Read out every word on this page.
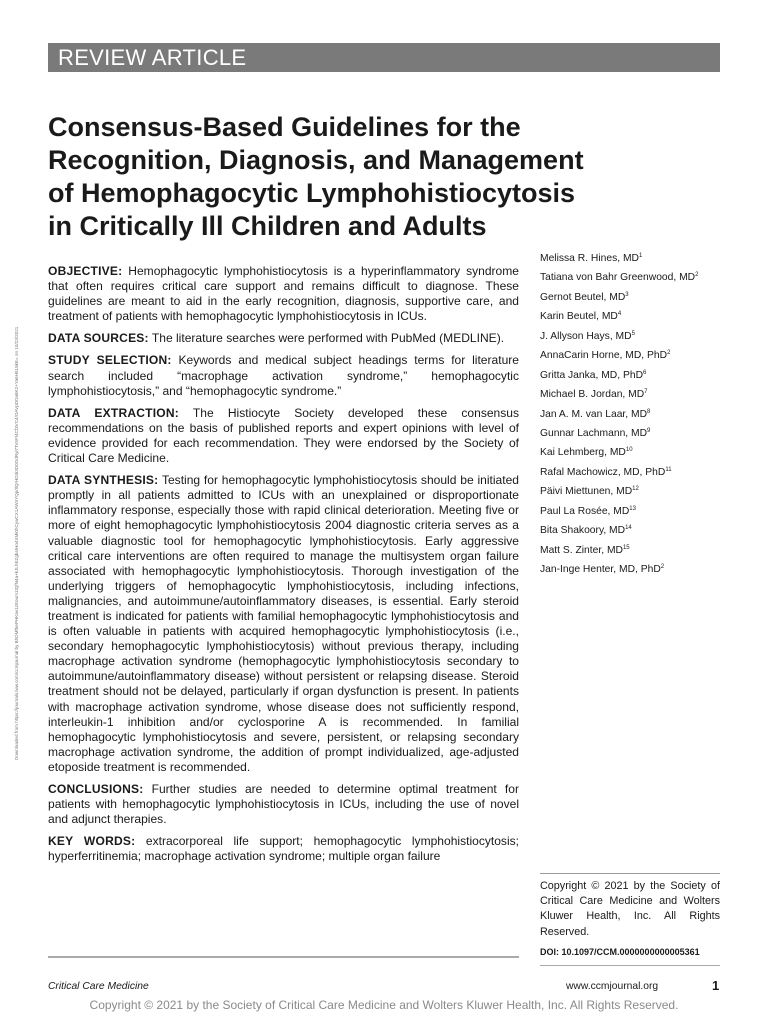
REVIEW ARTICLE
Consensus-Based Guidelines for the
Recognition, Diagnosis, and Management
of Hemophagocytic Lymphohistiocytosis
in Critically Ill Children and Adults
Downloaded from https://journals.lww.com/ccmjournal by BhDMf5ePHKav1zEoum1tQfN4a+kJLhEZgbsIHo4XMi0hCywCX1AWnYQp/IlQrHD3i3D0OdRyi7TvSFl4Cf3VC4/OAVpDDa8K2+Ya6H515kE= on 10/23/2021

OBJECTIVE: Hemophagocytic lymphohistiocytosis is a hyperinflammatory syndrome that often requires critical care support and remains difficult to diagnose. These guidelines are meant to aid in the early recognition, diagnosis, supportive care, and treatment of patients with hemophagocytic lymphohistiocytosis in ICUs.

DATA SOURCES: The literature searches were performed with PubMed (MEDLINE).

STUDY SELECTION: Keywords and medical subject headings terms for literature search included “macrophage activation syndrome,” hemophagocytic lymphohistiocytosis,” and “hemophagocytic syndrome.”

DATA EXTRACTION: The Histiocyte Society developed these consensus recommendations on the basis of published reports and expert opinions with level of evidence provided for each recommendation. They were endorsed by the Society of Critical Care Medicine.

DATA SYNTHESIS: Testing for hemophagocytic lymphohistiocytosis should be initiated promptly in all patients admitted to ICUs with an unexplained or disproportionate inflammatory response, especially those with rapid clinical deterioration. Meeting five or more of eight hemophagocytic lymphohistiocytosis 2004 diagnostic criteria serves as a valuable diagnostic tool for hemophagocytic lymphohistiocytosis. Early aggressive critical care interventions are often required to manage the multisystem organ failure associated with hemophagocytic lymphohistiocytosis. Thorough investigation of the underlying triggers of hemophagocytic lymphohistiocytosis, including infections, malignancies, and autoimmune/autoinflammatory diseases, is essential. Early steroid treatment is indicated for patients with familial hemophagocytic lymphohistiocytosis and is often valuable in patients with acquired hemophagocytic lymphohistiocytosis (i.e., secondary hemophagocytic lymphohistiocytosis) without previous therapy, including macrophage activation syndrome (hemophagocytic lymphohistiocytosis secondary to autoimmune/autoinflammatory disease) without persistent or relapsing disease. Steroid treatment should not be delayed, particularly if organ dysfunction is present. In patients with macrophage activation syndrome, whose disease does not sufficiently respond, interleukin-1 inhibition and/or cyclosporine A is recommended. In familial hemophagocytic lymphohistiocytosis and severe, persistent, or relapsing secondary macrophage activation syndrome, the addition of prompt individualized, age-adjusted etoposide treatment is recommended.

CONCLUSIONS: Further studies are needed to determine optimal treatment for patients with hemophagocytic lymphohistiocytosis in ICUs, including the use of novel and adjunct therapies.

KEY WORDS: extracorporeal life support; hemophagocytic lymphohistiocytosis; hyperferritinemia; macrophage activation syndrome; multiple organ failure

Melissa R. Hines, $MD^1$
Tatiana von Bahr Greenwood, $MD^2$
Gernot Beutel, $MD^3$
Karin Beutel, $MD^4$
J. Allyson Hays, $MD^5$
AnnaCarin Horne, MD, PhD$^2$
Gritta Janka, MD, PhD$^6$
Michael B. Jordan, $MD^7$
Jan A. M. van Laar, $MD^8$
Gunnar Lachmann, $MD^9$
Kai Lehmberg, MD$^{10}$
Rafal Machowicz, MD, PhD$^{11}$
Päivi Miettunen, MD$^{12}$
Paul La Rosée, MD$^{13}$
Bita Shakoory, MD$^{14}$
Matt S. Zinter, MD$^{15}$
Jan-Inge Henter, MD, PhD$^2$
Copyright © 2021 by the Society of Critical Care Medicine and Wolters Kluwer Health, Inc. All Rights Reserved.
DOI: 10.1097/CCM.0000000000005361
Critical Care Medicine	www.ccmjournal.org	1
Copyright © 2021 by the Society of Critical Care Medicine and Wolters Kluwer Health, Inc. All Rights Reserved.
